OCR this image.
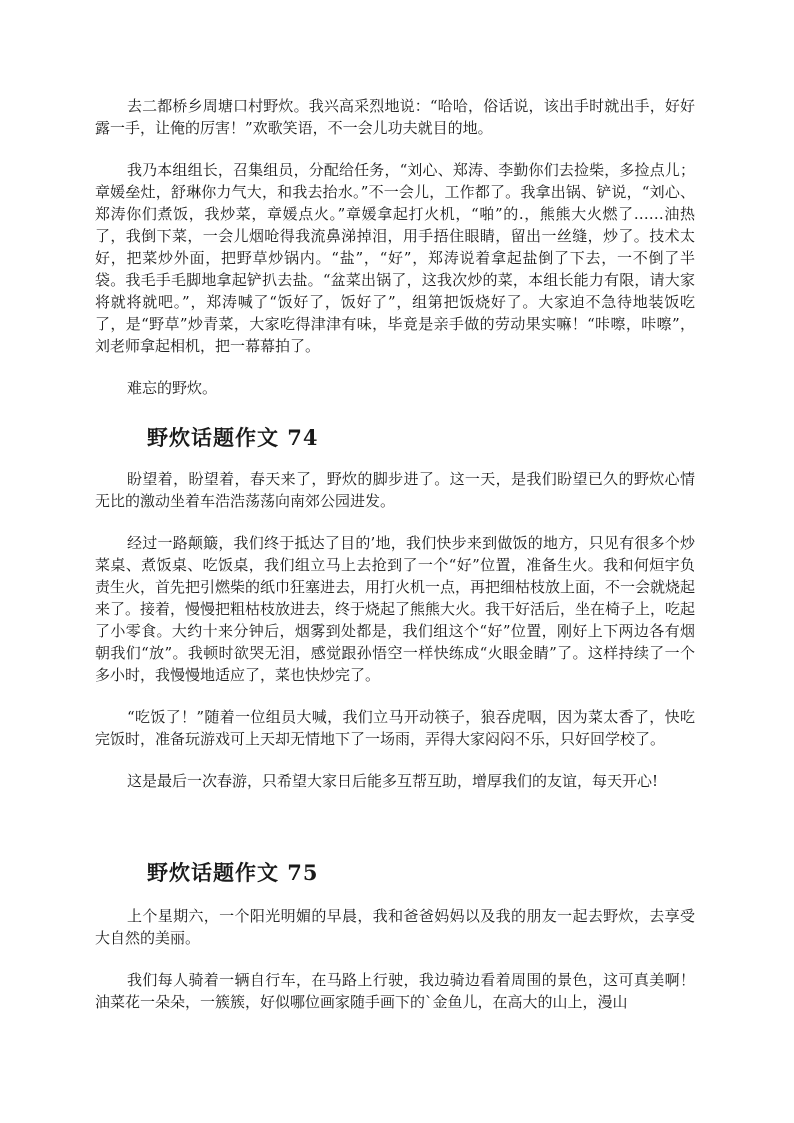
去二都桥乡周塘口村野炊。我兴高采烈地说：“哈哈，俗话说，该出手时就出手，好好露一手，让俺的厉害！”欢歌笑语，不一会儿功夫就目的地。

我乃本组组长，召集组员，分配给任务，“刘心、郑涛、李勤你们去捡柴，多捡点儿；章媛垒灶，舒琳你力气大，和我去抬水。”不一会儿，工作都了。我拿出锅、铲说，“刘心、郑涛你们煮饭，我炒菜，章媛点火。”章媛拿起打火机，“啪”的.，熊熊大火燃了……油热了，我倒下菜，一会儿烟呛得我流鼻涕掉泪，用手捂住眼睛，留出一丝缝，炒了。技术太好，把菜炒外面，把野草炒锅内。“盐”，“好”，郑涛说着拿起盐倒了下去，一不倒了半袋。我毛手毛脚地拿起铲扒去盐。“盆菜出锅了，这我次炒的菜，本组长能力有限，请大家将就将就吧。”，郑涛喊了“饭好了，饭好了”，组第把饭烧好了。大家迫不急待地装饭吃了，是“野草”炒青菜，大家吃得津津有味，毕竟是亲手做的劳动果实嘛！“咔嚓，咔嚓”，刘老师拿起相机，把一幕幕拍了。

难忘的野炊。

野炊话题作文 74

盼望着，盼望着，春天来了，野炊的脚步进了。这一天，是我们盼望已久的野炊心情无比的激动坐着车浩浩荡荡向南郊公园进发。

经过一路颠簸，我们终于抵达了目的’地，我们快步来到做饭的地方，只见有很多个炒菜桌、煮饭桌、吃饭桌，我们组立马上去抢到了一个“好”位置，准备生火。我和何烜宇负责生火，首先把引燃柴的纸巾狂塞进去，用打火机一点，再把细枯枝放上面，不一会就烧起来了。接着，慢慢把粗枯枝放进去，终于烧起了熊熊大火。我干好活后，坐在椅子上，吃起了小零食。大约十来分钟后，烟雾到处都是，我们组这个“好”位置，刚好上下两边各有烟朝我们“放”。我顿时欲哭无泪，感觉跟孙悟空一样快练成“火眼金睛”了。这样持续了一个多小时，我慢慢地适应了，菜也快炒完了。

“吃饭了！”随着一位组员大喊，我们立马开动筷子，狼吞虎咽，因为菜太香了，快吃完饭时，准备玩游戏可上天却无情地下了一场雨，弄得大家闷闷不乐，只好回学校了。

这是最后一次春游，只希望大家日后能多互帮互助，增厚我们的友谊，每天开心!

野炊话题作文 75

上个星期六，一个阳光明媚的早晨，我和爸爸妈妈以及我的朋友一起去野炊，去享受大自然的美丽。

我们每人骑着一辆自行车，在马路上行驶，我边骑边看着周围的景色，这可真美啊！油菜花一朵朵，一簇簇，好似哪位画家随手画下的`金鱼儿，在高大的山上，漫山
